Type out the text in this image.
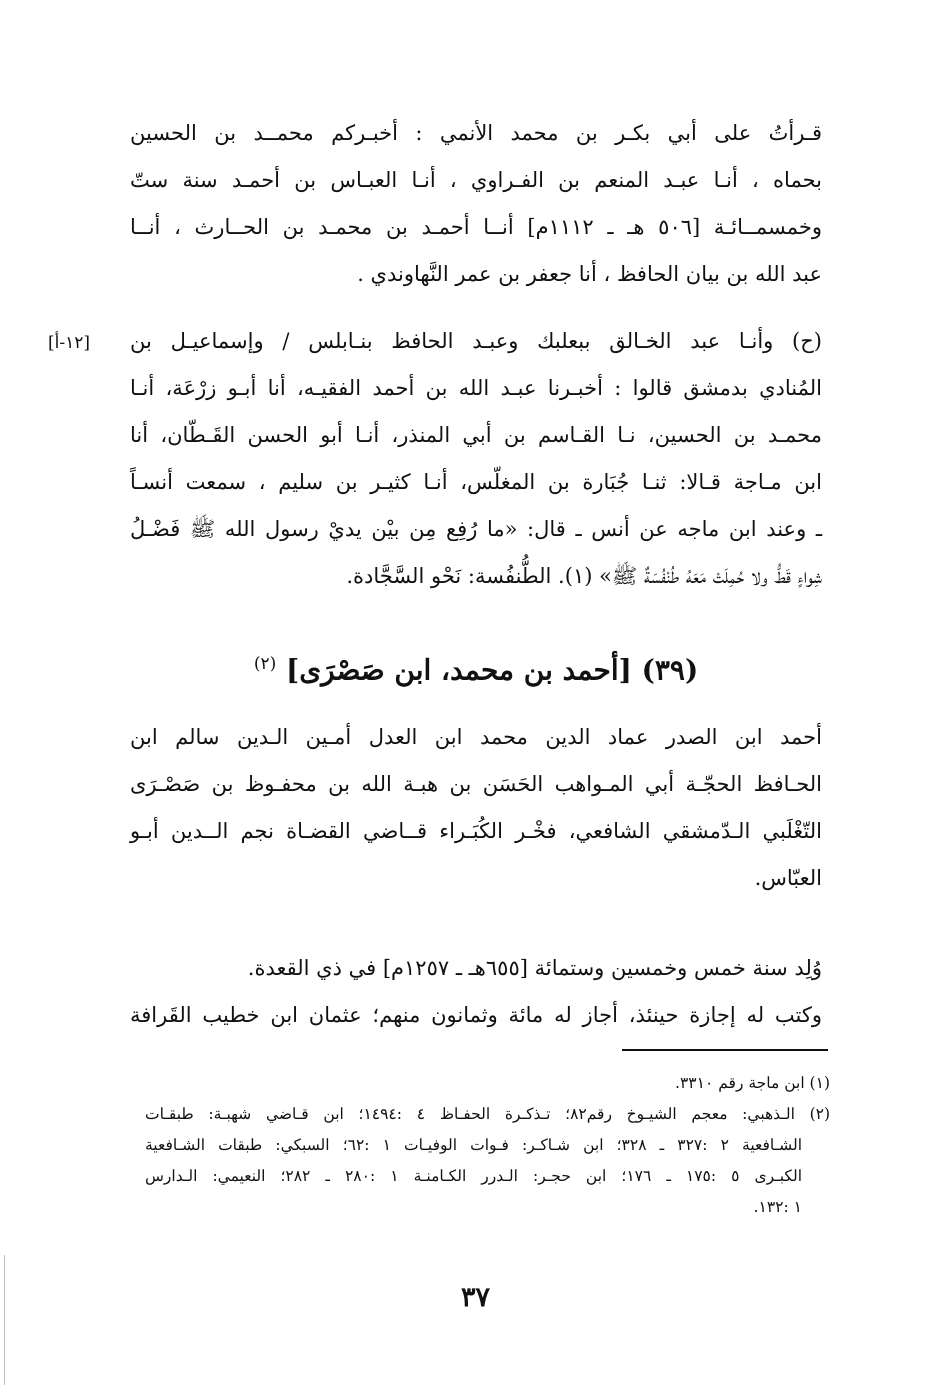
قـرأتُ على أبي بكـر بن محمد الأنمي : أخبـركم محمــد بن الحسين
بحماه ، أنـا عبـد المنعم بن الفـراوي ، أنـا العبـاس بن أحمـد سنة ستّ
وخمسمــائـة [٥٠٦ هـ ـ ١١١٢م] أنــا أحمـد بن محمـد بن الحــارث ، أنــا
عبد الله بن بيان الحافظ ، أنا جعفر بن عمر النَّهاوندي .
[١٢-أ] (ح) وأنـا عبد الخـالق ببعلبك وعبـد الحافظ بنـابلس / وإسماعيـل بن
المُنادي بدمشق قالوا : أخبـرنا عبـد الله بن أحمد الفقيـه، أنا أبـو زرْعَة، أنـا
محمـد بن الحسين، نـا القـاسم بن أبي المنذر، أنـا أبو الحسن القَـطّان، أنا
ابن مـاجة قـالا: ثنـا جُبَارة بن المغلّس، أنـا كثيـر بن سليم ، سمعت أنسـاً
ـ وعند ابن ماجه عن أنس ـ قال: «ما رُفِع مِن بيْن يديْ رسول الله ﷺ فَضْـلُ
شِواءٍ قَطُّ ولا حُمِلَتْ مَعَهُ طُنْفُسَةٌ ﷺ» (١). الطُّنفُسة: نَحْو السَّجَّادة.
(٣٩) [أحمد بن محمد، ابن صَصْرَى] $^{(٢)}$
أحمد ابن الصدر عماد الدين محمد ابن العدل أمـين الـدين سالم ابن
الحـافظ الحجّـة أبي المـواهب الحَسَن بن هبـة الله بن محفـوظ بن صَصْـرَى
التّغْلَبي الـدّمشقي الشافعي، فخْـر الكُبَـراء قــاضي القضـاة نجم الــدين أبـو
العبّاس.
وُلِد سنة خمس وخمسين وستمائة [٦٥٥هـ ـ ١٢٥٧م] في ذي القعدة.
وكتب له إجازة حينئذ، أجاز له مائة وثمانون منهم؛ عثمان ابن خطيب القَرافة
(١) ابن ماجة رقم ٣٣١٠.
(٢) الـذهبي: معجم الشيـوخ رقم٨٢؛ تـذكـرة الحفـاظ ٤ :١٤٩٤؛ ابن قـاضي شهبـة: طبقـات
الشـافعية ٢ :٣٢٧ ـ ٣٢٨؛ ابن شـاكـر: فـوات الوفيـات ١ :٦٢؛ السبكي: طبقات الشـافعية
الكبـرى ٥ :١٧٥ ـ ١٧٦؛ ابن حجـر: الـدرر الكـامنـة ١ :٢٨٠ ـ ٢٨٢؛ النعيمي: الـدارس
١ :١٣٢.
٣٧
